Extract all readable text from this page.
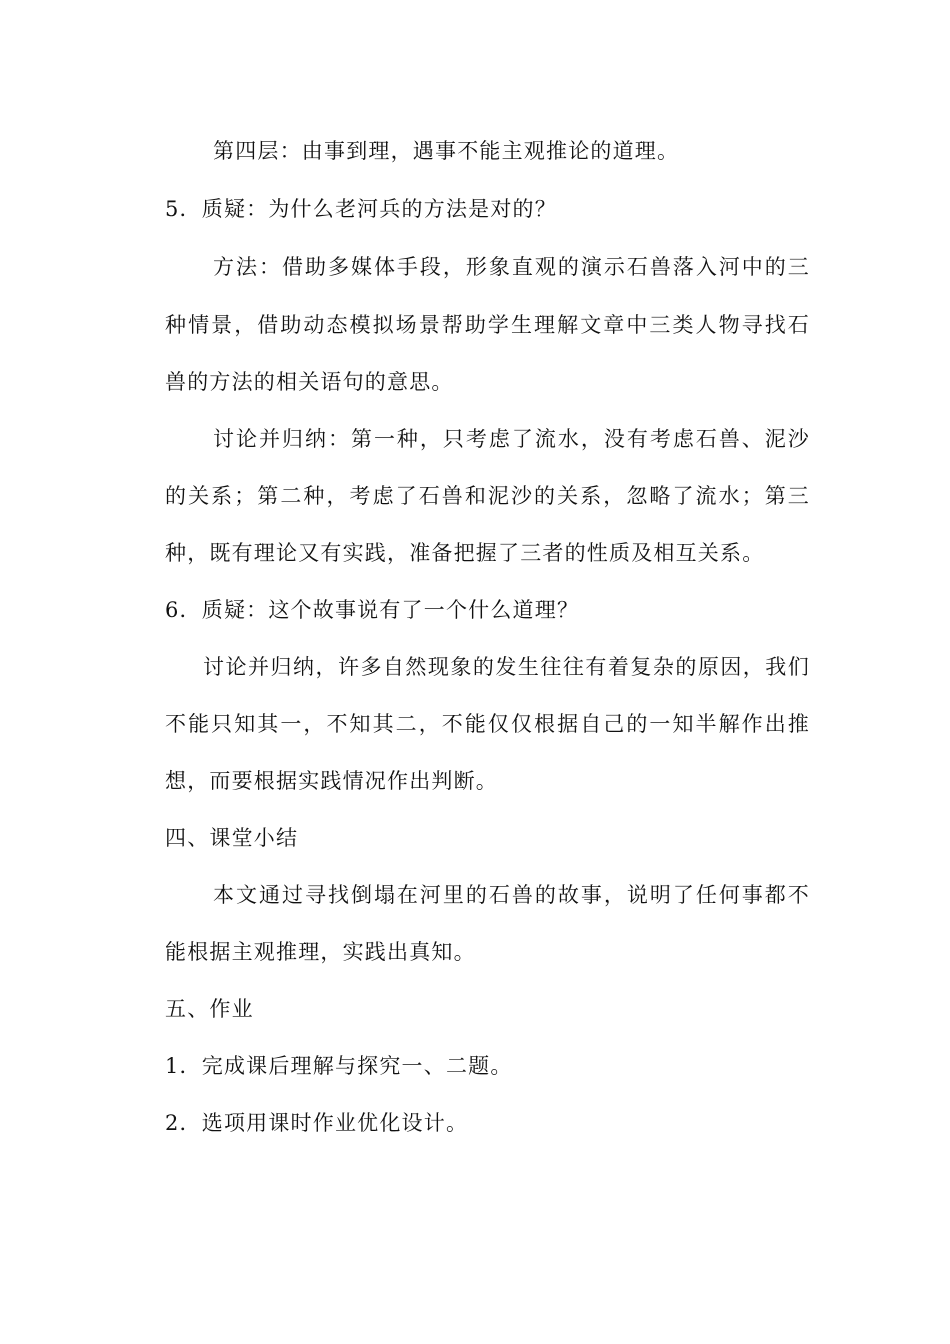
第四层：由事到理，遇事不能主观推论的道理。
5．质疑：为什么老河兵的方法是对的？
方法：借助多媒体手段，形象直观的演示石兽落入河中的三
种情景，借助动态模拟场景帮助学生理解文章中三类人物寻找石
兽的方法的相关语句的意思。
讨论并归纳：第一种，只考虑了流水，没有考虑石兽、泥沙
的关系；第二种，考虑了石兽和泥沙的关系，忽略了流水；第三
种，既有理论又有实践，准备把握了三者的性质及相互关系。
6．质疑：这个故事说有了一个什么道理？
讨论并归纳，许多自然现象的发生往往有着复杂的原因，我们
不能只知其一，不知其二，不能仅仅根据自己的一知半解作出推
想，而要根据实践情况作出判断。
四、课堂小结
本文通过寻找倒塌在河里的石兽的故事，说明了任何事都不
能根据主观推理，实践出真知。
五、作业
1．完成课后理解与探究一、二题。
2．选项用课时作业优化设计。
